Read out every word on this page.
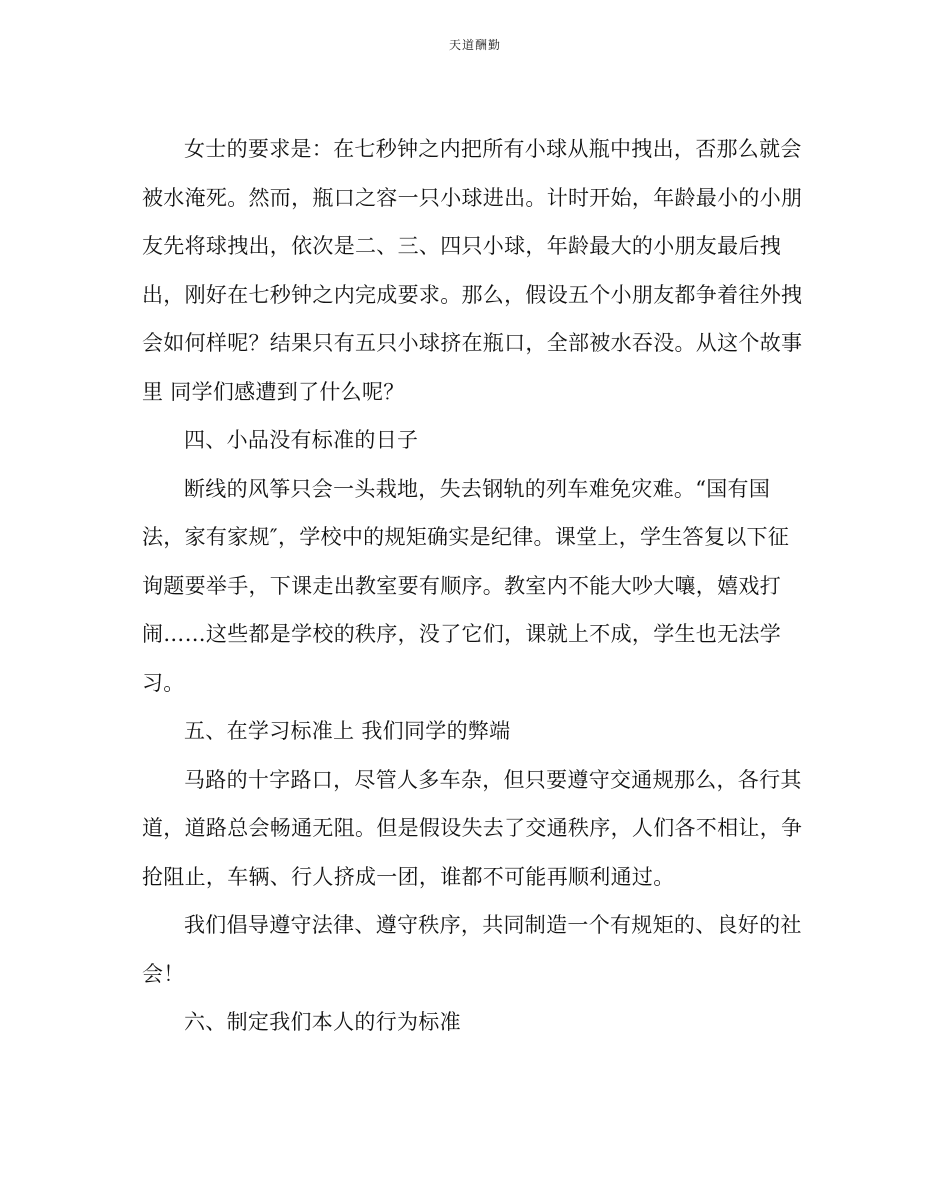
天道酬勤

女士的要求是：在七秒钟之内把所有小球从瓶中拽出，否那么就会被水淹死。然而，瓶口之容一只小球进出。计时开始，年龄最小的小朋友先将球拽出，依次是二、三、四只小球，年龄最大的小朋友最后拽出，刚好在七秒钟之内完成要求。那么，假设五个小朋友都争着往外拽会如何样呢？结果只有五只小球挤在瓶口，全部被水吞没。从这个故事里 同学们感遭到了什么呢？

四、小品没有标准的日子

断线的风筝只会一头栽地，失去钢轨的列车难免灾难。“国有国法，家有家规″，学校中的规矩确实是纪律。课堂上，学生答复以下征询题要举手，下课走出教室要有顺序。教室内不能大吵大嚷，嬉戏打闹……这些都是学校的秩序，没了它们，课就上不成，学生也无法学习。

五、在学习标准上 我们同学的弊端

马路的十字路口，尽管人多车杂，但只要遵守交通规那么，各行其道，道路总会畅通无阻。但是假设失去了交通秩序，人们各不相让，争抢阻止，车辆、行人挤成一团，谁都不可能再顺利通过。

我们倡导遵守法律、遵守秩序，共同制造一个有规矩的、良好的社会！

六、制定我们本人的行为标准
